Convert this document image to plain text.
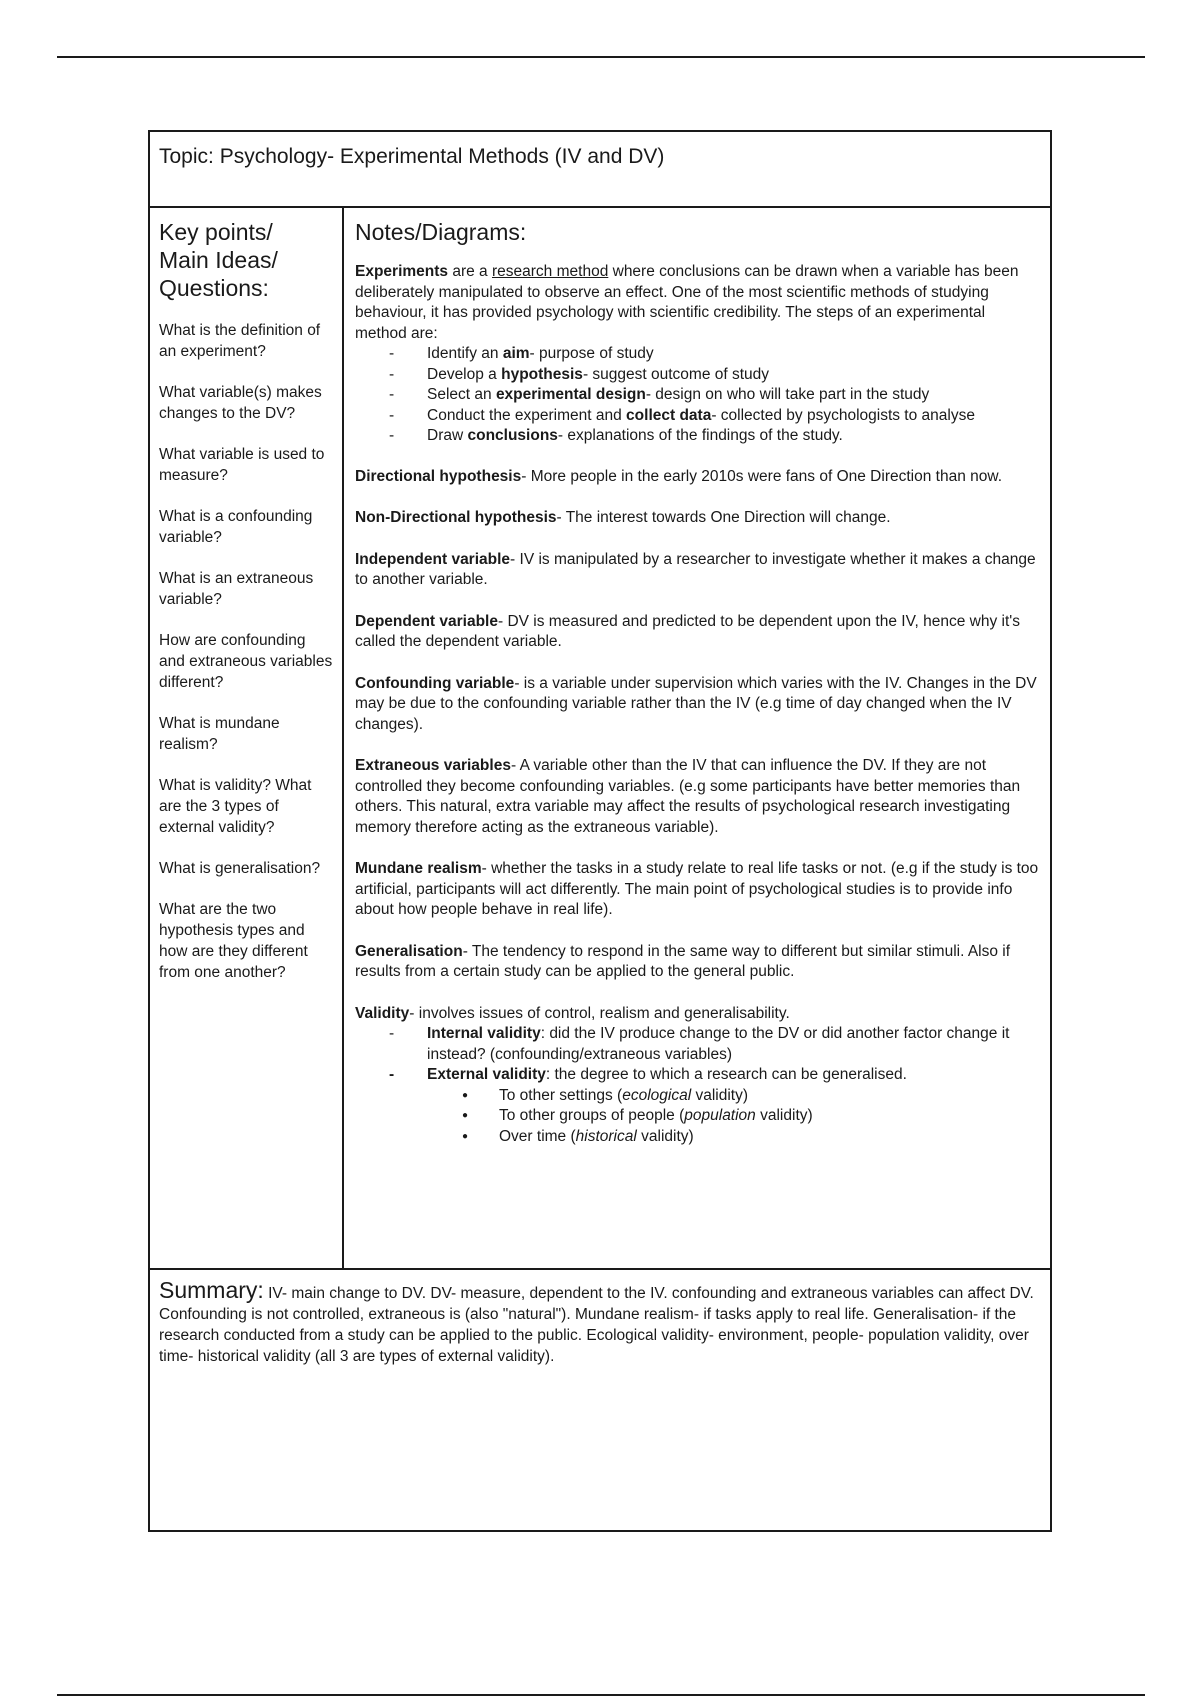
Topic: Psychology- Experimental Methods (IV and DV)
Key points/
Main Ideas/
Questions:
What is the definition of an experiment?
What variable(s) makes changes to the DV?
What variable is used to measure?
What is a confounding variable?
What is an extraneous variable?
How are confounding and extraneous variables different?
What is mundane realism?
What is validity? What are the 3 types of external validity?
What is generalisation?
What are the two hypothesis types and how are they different from one another?
Notes/Diagrams:
Experiments are a research method where conclusions can be drawn when a variable has been deliberately manipulated to observe an effect. One of the most scientific methods of studying behaviour, it has provided psychology with scientific credibility. The steps of an experimental method are:
- Identify an aim- purpose of study
- Develop a hypothesis- suggest outcome of study
- Select an experimental design- design on who will take part in the study
- Conduct the experiment and collect data- collected by psychologists to analyse
- Draw conclusions- explanations of the findings of the study.
Directional hypothesis- More people in the early 2010s were fans of One Direction than now.
Non-Directional hypothesis- The interest towards One Direction will change.
Independent variable- IV is manipulated by a researcher to investigate whether it makes a change to another variable.
Dependent variable- DV is measured and predicted to be dependent upon the IV, hence why it's called the dependent variable.
Confounding variable- is a variable under supervision which varies with the IV. Changes in the DV may be due to the confounding variable rather than the IV (e.g time of day changed when the IV changes).
Extraneous variables- A variable other than the IV that can influence the DV. If they are not controlled they become confounding variables. (e.g some participants have better memories than others. This natural, extra variable may affect the results of psychological research investigating memory therefore acting as the extraneous variable).
Mundane realism- whether the tasks in a study relate to real life tasks or not. (e.g if the study is too artificial, participants will act differently. The main point of psychological studies is to provide info about how people behave in real life).
Generalisation- The tendency to respond in the same way to different but similar stimuli. Also if results from a certain study can be applied to the general public.
Validity- involves issues of control, realism and generalisability.
- Internal validity: did the IV produce change to the DV or did another factor change it instead? (confounding/extraneous variables)
- External validity: the degree to which a research can be generalised.
● To other settings (ecological validity)
● To other groups of people (population validity)
● Over time (historical validity)

Summary: IV- main change to DV. DV- measure, dependent to the IV. confounding and extraneous variables can affect DV. Confounding is not controlled, extraneous is (also "natural"). Mundane realism- if tasks apply to real life. Generalisation- if the research conducted from a study can be applied to the public. Ecological validity- environment, people- population validity, over time- historical validity (all 3 are types of external validity).
